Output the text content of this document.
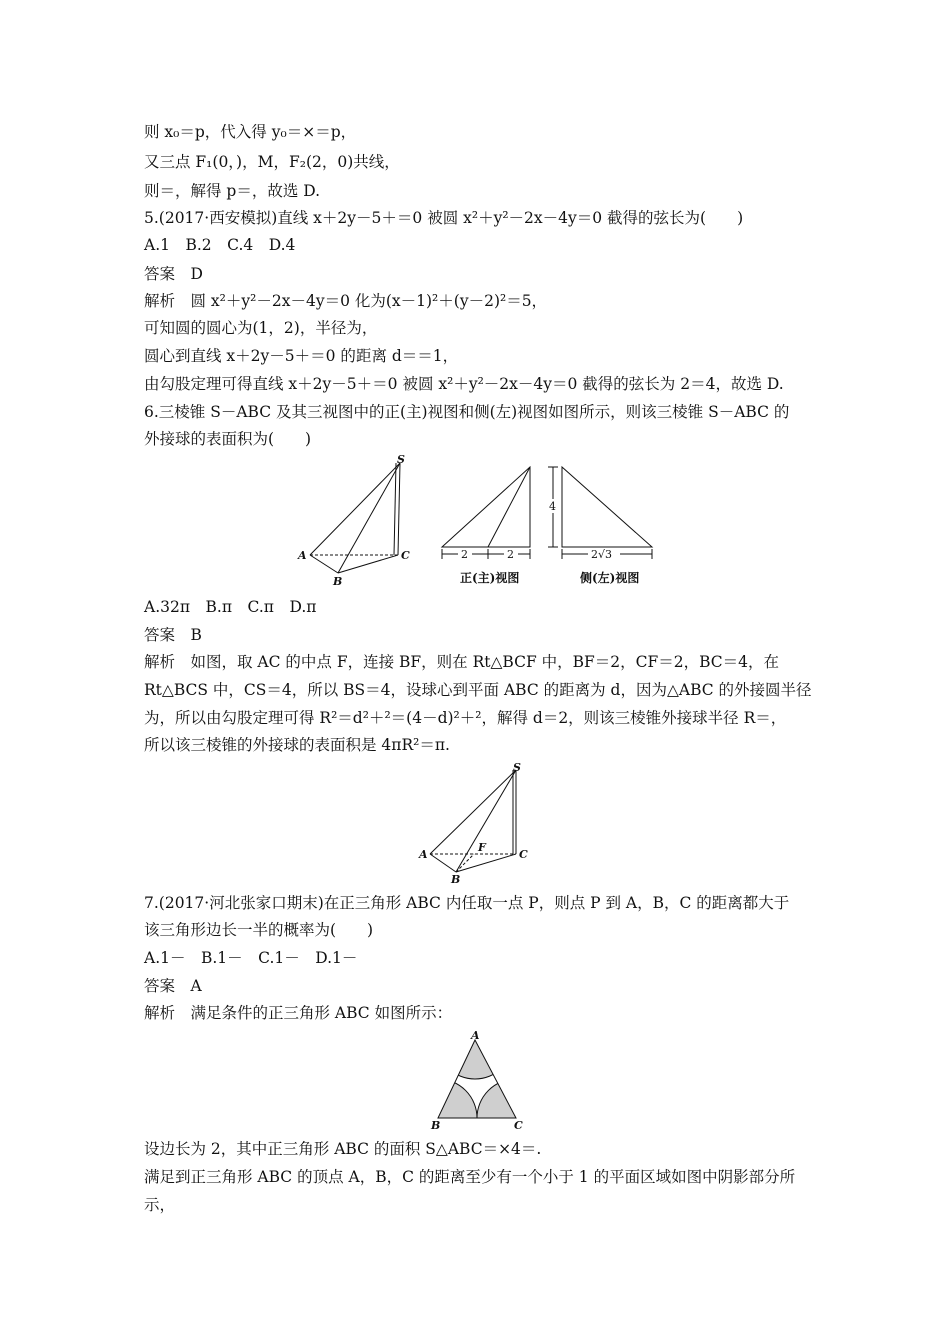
则 x₀＝p，代入得 y₀＝×＝p，
又三点 F₁(0，)，M，F₂(2，0)共线，
则＝，解得 p＝，故选 D.
5.(2017·西安模拟)直线 x＋2y－5＋＝0 被圆 x²＋y²－2x－4y＝0 截得的弦长为(　　)
A.1　B.2　C.4　D.4
答案　D
解析　圆 x²＋y²－2x－4y＝0 化为(x－1)²＋(y－2)²＝5，
可知圆的圆心为(1，2)，半径为，
圆心到直线 x＋2y－5＋＝0 的距离 d＝＝1，
由勾股定理可得直线 x＋2y－5＋＝0 被圆 x²＋y²－2x－4y＝0 截得的弦长为 2＝4，故选 D.
6.三棱锥 S－ABC 及其三视图中的正(主)视图和侧(左)视图如图所示，则该三棱锥 S－ABC 的
外接球的表面积为(　　)
S
A
B
C	2	2
4
2√3
正(主)视图	侧(左)视图
A.32π　B.π　C.π　D.π
答案　B
解析　如图，取 AC 的中点 F，连接 BF，则在 Rt△BCF 中，BF＝2，CF＝2，BC＝4，在
Rt△BCS 中，CS＝4，所以 BS＝4，设球心到平面 ABC 的距离为 d，因为△ABC 的外接圆半径
为，所以由勾股定理可得 R²＝d²＋²＝(4－d)²＋²，解得 d＝2，则该三棱锥外接球半径 R＝，
所以该三棱锥的外接球的表面积是 4πR²＝π.
S
A
B
C
F
7.(2017·河北张家口期末)在正三角形 ABC 内任取一点 P，则点 P 到 A，B，C 的距离都大于
该三角形边长一半的概率为(　　)
A.1－　B.1－　C.1－　D.1－
答案　A
解析　满足条件的正三角形 ABC 如图所示：
A
B	C
设边长为 2，其中正三角形 ABC 的面积 S△ABC＝×4＝.
满足到正三角形 ABC 的顶点 A，B，C 的距离至少有一个小于 1 的平面区域如图中阴影部分所
示，
